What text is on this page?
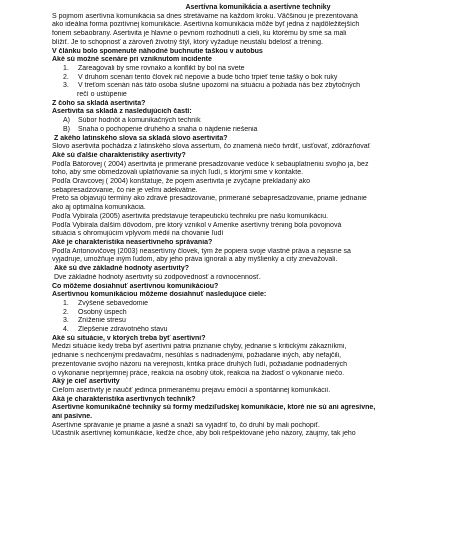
Asertívna komunikácia a asertívne techniky
S pojmom asertívna komunikácia sa dnes stretávame na každom kroku. Väčšinou je prezentovaná
ako ideálna forma pozitívnej komunikácie. Asertívna komunikácia môže byť jedna z najdôležitejších
foriem sebaobrany. Asertivita je hlavne o pevnom rozhodnutí a cieli, ku ktorému by sme sa mali
blížiť. Je to schopnosť a zároveň životný štýl, ktorý vyžaduje neustálu bdelosť a tréning.
V článku bolo spomenuté náhodné buchnutie taškou v autobus
Aké sú možné scenáre pri vzniknutom incidente
1. Zareagovali by sme rovnako a konflikt by bol na svete
2. V druhom scenári tento človek nič nepovie a bude ticho trpieť tenie tašky o bok ruky
3. V treťom scenári nás táto osoba slušne upozorní na situáciu a požiada nás bez zbytočných
rečí o ustúpenie
Z čoho sa skladá asertivita?
Asertivita sa skladá z nasledujúcich častí:
A) Súbor hodnôt a komunikačných techník
B) Snaha o pochopenie druhého a snaha o nájdenie riešenia
Z akého latinského slova sa skladá slovo asertivita?
Slovo asertivita pochádza z latinského slova assertum, čo znamená niečo tvrdiť, uisťovať, zdôrazňovať
Aké sú ďalšie charakteristiky asertivity?
Podľa Bátorovej ( 2004) asertivita je primerané presadzovanie vedúce k sebauplatneniu svojho ja, bez
toho, aby sme obmedzovali uplatňovanie sa iných ľudí, s ktorými sme v kontakte.
Podľa Oravcovej ( 2004) konštatuje, že pojem asertivita je zvyčajne prekladaný ako
sebapresadzovanie, čo nie je veľmi adekvátne.
Preto sa objavujú termíny ako zdravé presadzovanie, primerané sebapresadzovanie, priame jednanie
ako aj optimálna komunikácia.
Podľa Vybírala (2005) asertivita predstavuje terapeutickú techniku pre našu komunikáciu.
Podľa Vybírala ďalším dôvodom, pre ktorý vznikol v Amerike asertívny tréning bola povojnová
situácia s ohromujúcim vplyvom médií na chovanie ľudí
Aké je charakteristika neasertívneho správania?
Podľa Antonovičovej (2003) neasertívny človek, tým že popiera svoje vlastné práva a nejasne sa
vyjadruje, umožňuje iným ľudom, aby jeho práva ignorali a aby myšlienky a city znevažovali.
Aké sú dve základné hodnoty asertivity?
Dve základné hodnoty asertivity sú zodpovednosť a rovnocennosť.
Čo môžeme dosiahnuť asertívnou komunikáciou?
Asertívnou komunikáciou môžeme dosiahnuť nasledujúce ciele:
1. Zvýšené sebavedomie
2. Osobný úspech
3. Zníženie stresu
4. Zlepšenie zdravotného stavu
Aké sú situácie, v ktorých treba byť asertívni?
Medzi situácie kedy treba byť asertívni patria priznanie chyby, jednanie s kritickými zákazníkmi,
jednanie s nechcenými predavačmi, nesúhlas s nadriadenými, požiadanie iných, aby nefajčili,
prezentovanie svojho názoru na verejnosti, kritika práce druhých ľudí, požiadanie podriadených
o vykonanie nepríjemnej práce, reakcia na osobný útok, reakcia na žiadosť o vykonanie niečo.
Aký je cieľ asertivity
Cieľom asertivity je naučiť jedinca primeranému prejavu emócií a spontánnej komunikácií.
Aká je charakteristika asertívnych techník?
Asertívne komunikačné techniky sú formy medziľudskej komunikácie, ktoré nie sú ani agresívne,
ani pasívne.
Asertívne správanie je priame a jasné a snaží sa vyjadriť to, čo druhí by mali pochopiť.
Účastník asertívnej komunikácie, keďže chce, aby boli rešpektované jeho názory, záujmy, tak jeho
